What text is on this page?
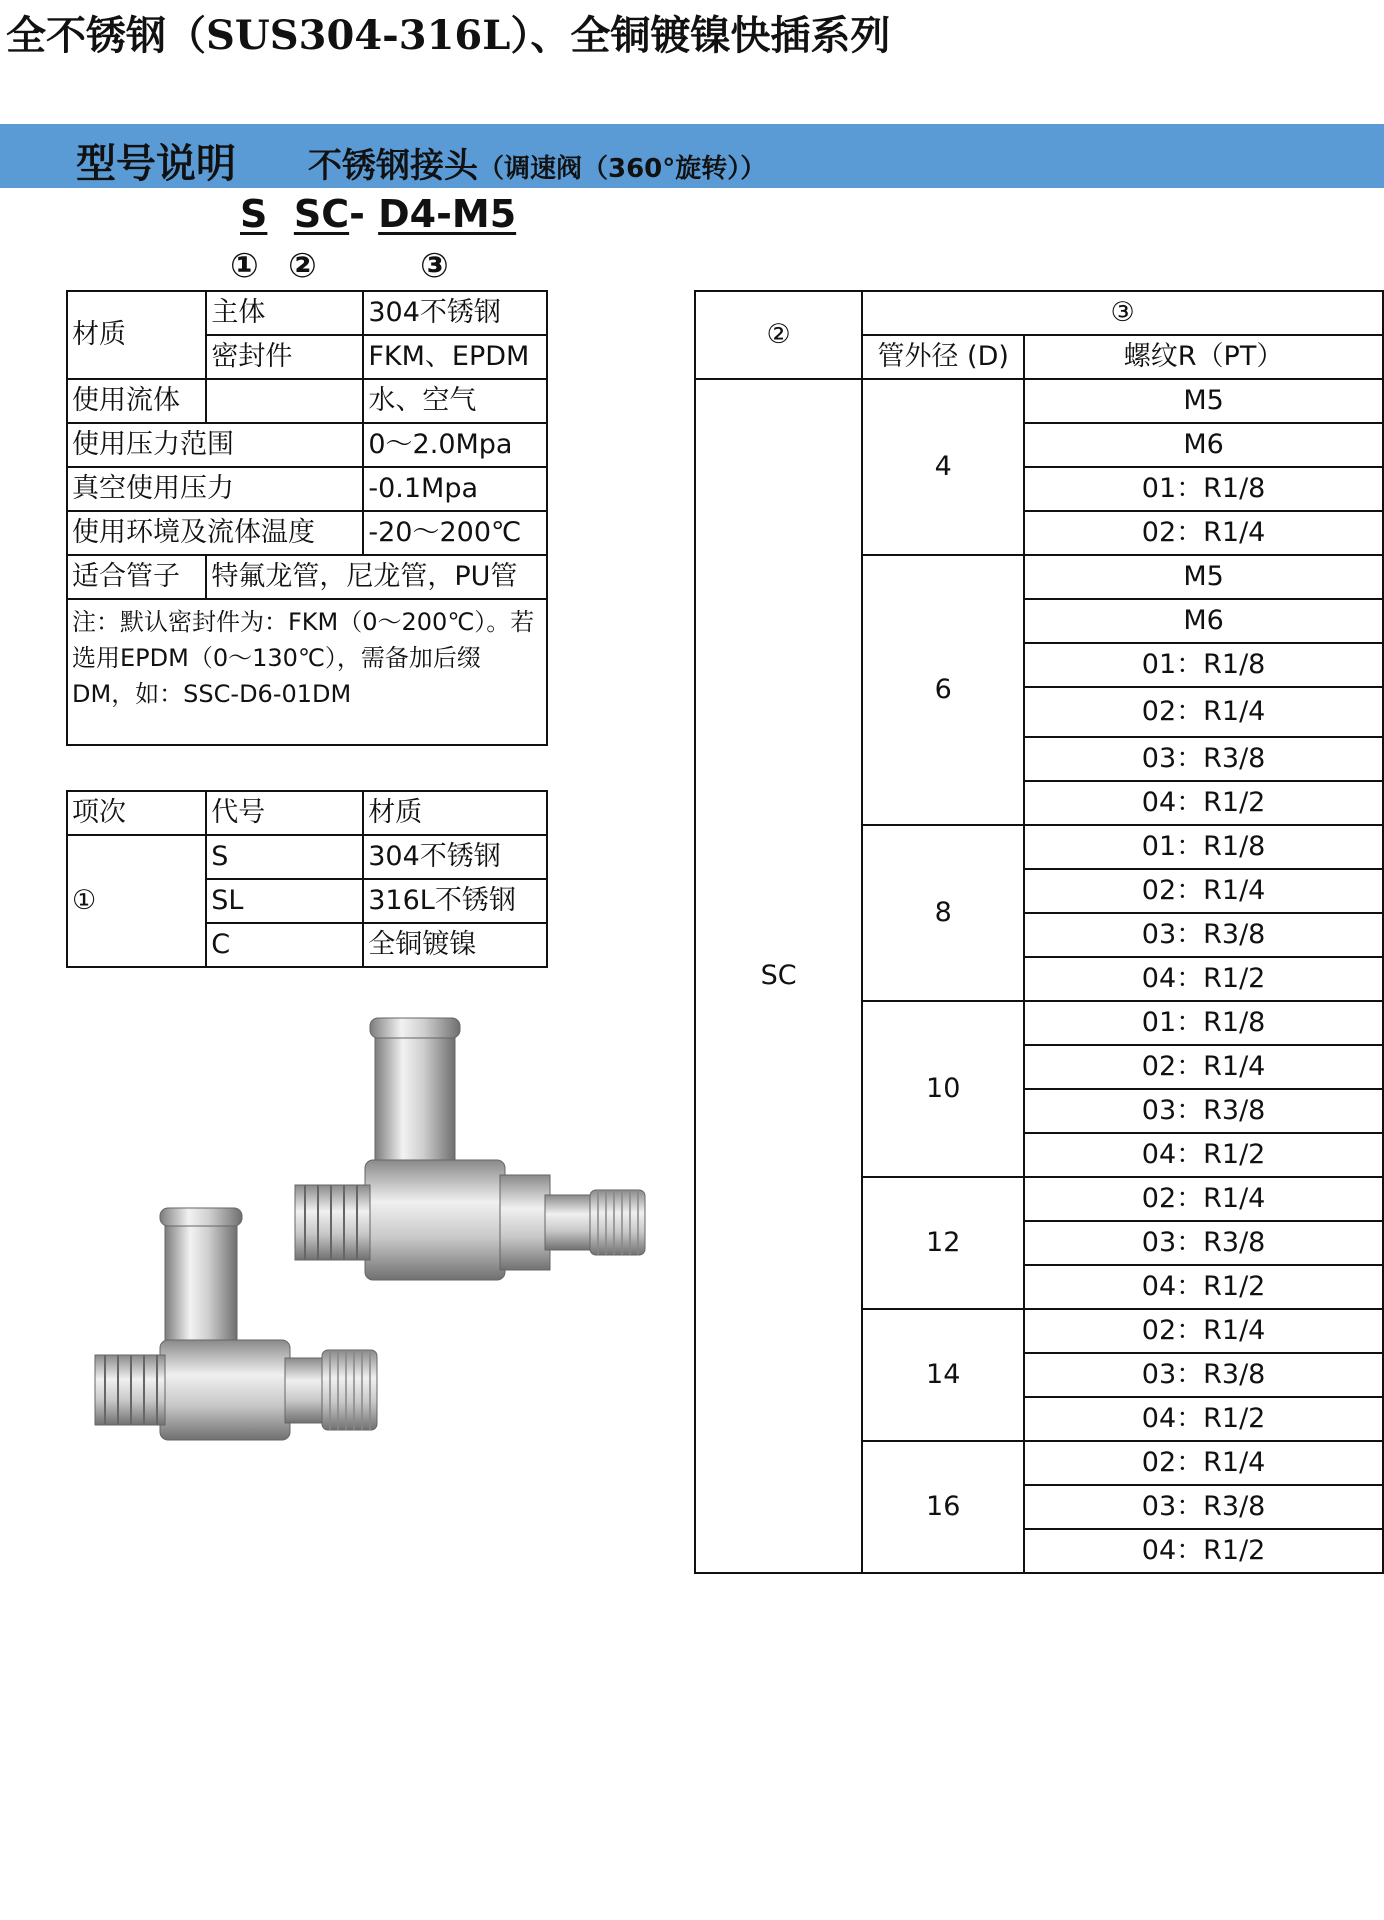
全不锈钢（SUS304-316L）、全铜镀镍快插系列
型号说明 不锈钢接头（调速阀（360°旋转））
S SC- D4-M5
① ②	③
材质	主体	304不锈钢
	密封件	FKM、EPDM
使用流体		水、空气
使用压力范围		0～2.0Mpa
真空使用压力		-0.1Mpa
使用环境及流体温度		-20～200℃
适合管子	特氟龙管，尼龙管，PU管	
注：默认密封件为：FKM（0～200℃）。若选用EPDM（0～130℃），需备加后缀DM，如：SSC-D6-01DM		
项次	代号	材质
①	S	304不锈钢
	SL	316L不锈钢
	C	全铜镀镍
②	③	
	管外径 (D)	螺纹R（PT）
SC	4	M5
		M6
		01：R1/8
		02：R1/4
	6	M5
		M6
		01：R1/8
		02：R1/4
		03：R3/8
		04：R1/2
	8	01：R1/8
		02：R1/4
		03：R3/8
		04：R1/2
	10	01：R1/8
		02：R1/4
		03：R3/8
		04：R1/2
	12	02：R1/4
		03：R3/8
		04：R1/2
	14	02：R1/4
		03：R3/8
		04：R1/2
	16	02：R1/4
		03：R3/8
		04：R1/2
